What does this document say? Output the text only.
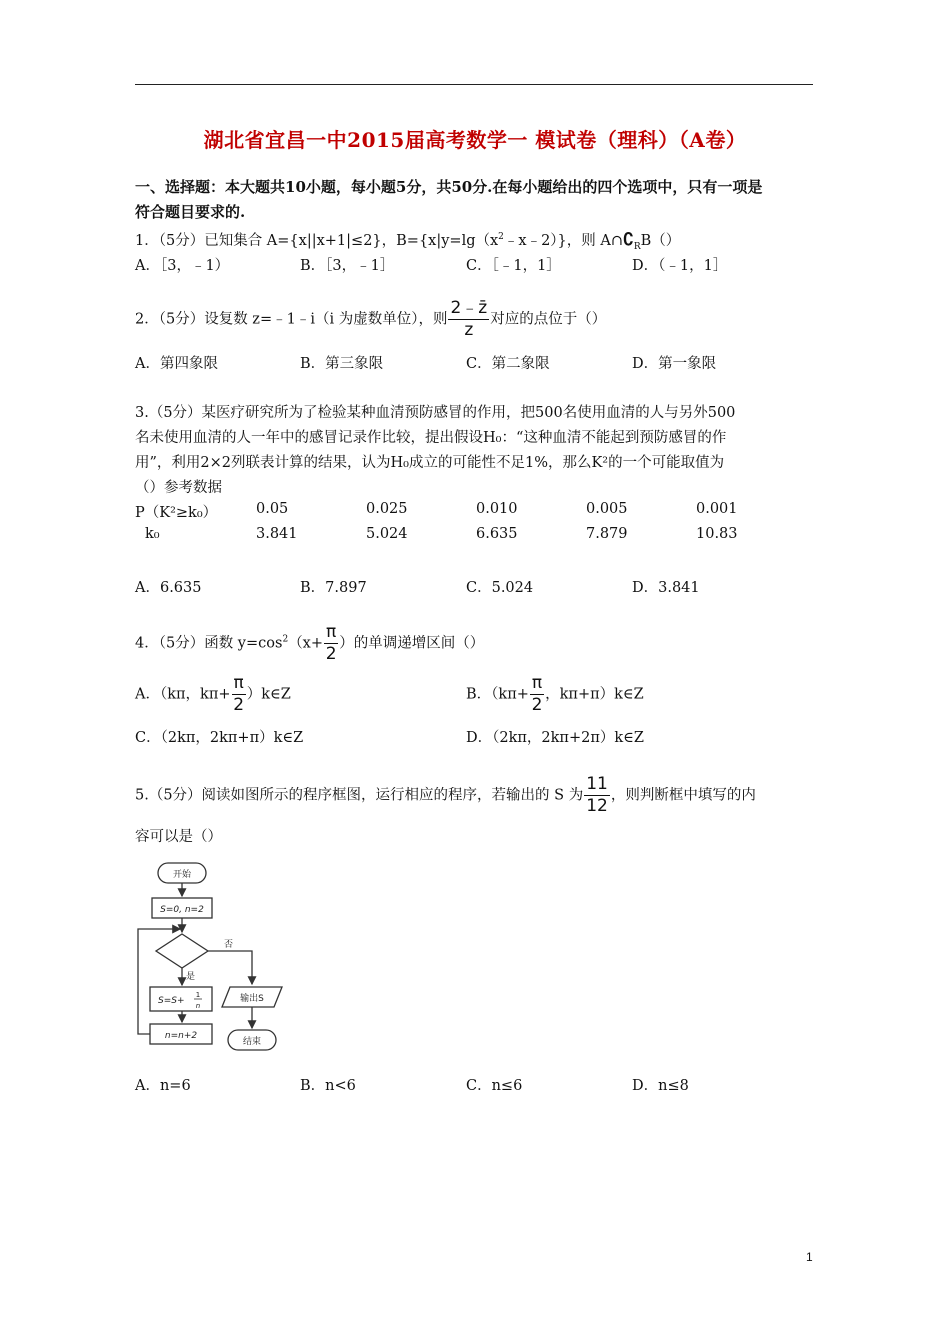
湖北省宜昌一中2015届高考数学一 模试卷（理科）（A卷）
一、选择题：本大题共10小题，每小题5分，共50分.在每小题给出的四个选项中，只有一项是
符合题目要求的.
1．（5分）已知集合 A={x||x+1|≤2}，$B=\{x|y=\lg(x^2﹣x﹣2)\}$，则 $A\cap∁_RB()$
A．［3，﹣1）	B．［3，﹣1］	C．［﹣1，1］	D．（﹣1，1］
2．（5分）设复数 z=﹣1﹣i（i 为虚数单位），则 $\frac{2﹣z̄}{z}$ 对应的点位于（）
A．第四象限	B．第三象限	C．第二象限	D．第一象限
3.（5分）某医疗研究所为了检验某种血清预防感冒的作用，把500名使用血清的人与另外500
名未使用血清的人一年中的感冒记录作比较，提出假设H₀：“这种血清不能起到预防感冒的作
用”，利用2×2列联表计算的结果，认为H₀成立的可能性不足1%，那么K²的一个可能取值为
（）参考数据
P（K²≥k₀）	0.05	0.025	0.010	0.005	0.001
k₀	3.841	5.024	6.635	7.879	10.83
A．6.635	B．7.897	C．5.024	D．3.841
4．（5分）函数 $y=\cos^2(x+ \frac{\pi}{2}$ ）的单调递增区间（）
A．（kπ，$k\pi+ \frac{\pi}{2}$ ）k∈Z	B．（$k\pi+ \frac{\pi}{2}$ ，kπ+π）k∈Z
C．（2kπ，2kπ+π）k∈Z	D．（2kπ，2kπ+2π）k∈Z
5.（5分）阅读如图所示的程序框图，运行相应的程序，若输出的 S 为 $\frac{11}{12}$ ，则判断框中填写的内
容可以是（）
开始
S=0, n=2
否
是
S=S+
1
n
输出S
n=n+2
结束
A．n=6	B．n<6	C．n≤6	D．n≤8
1
